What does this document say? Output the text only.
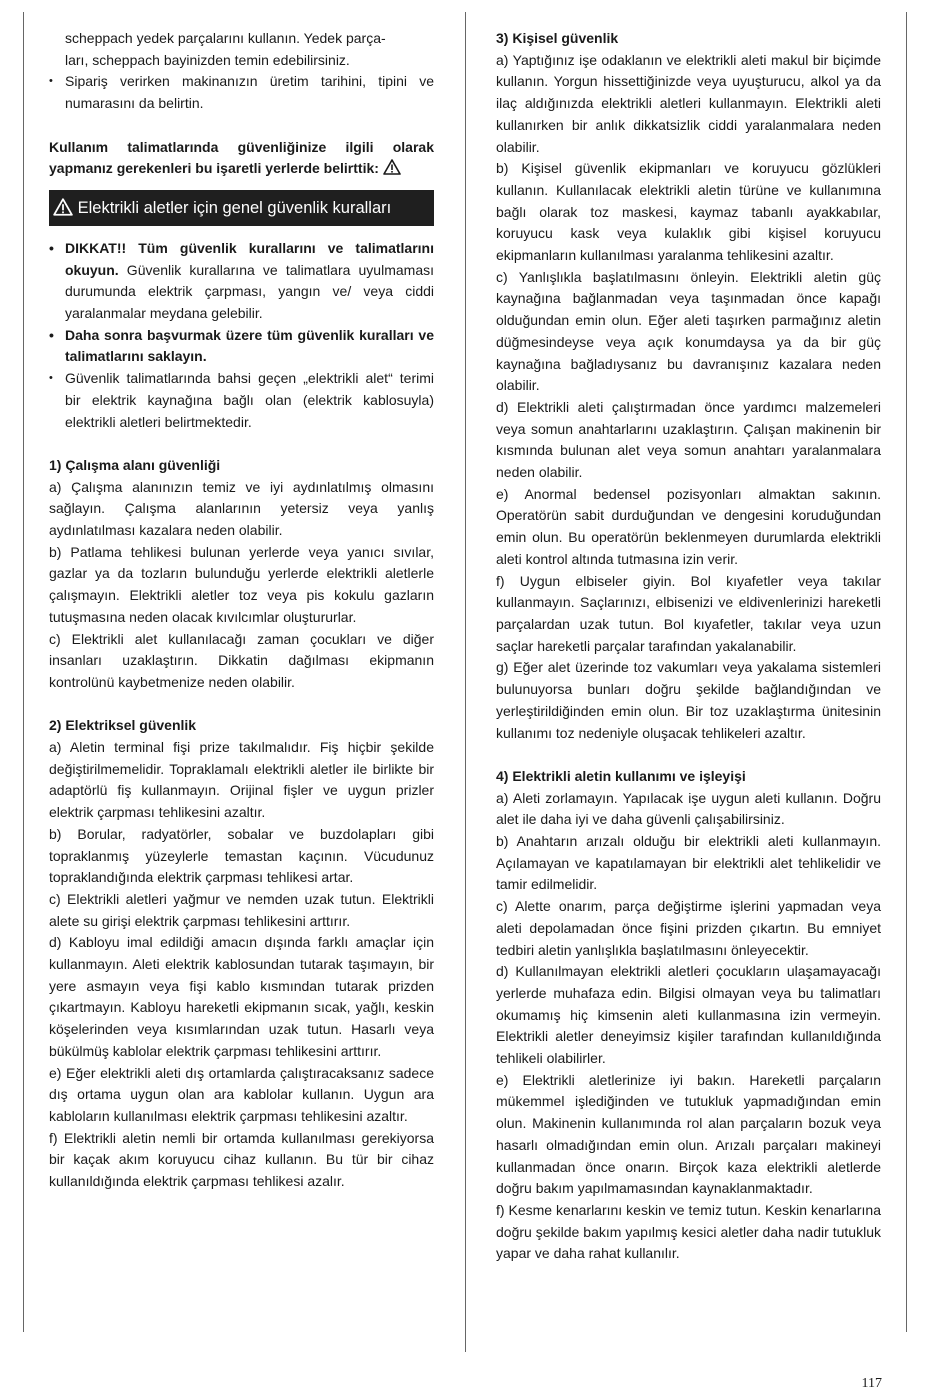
scheppach yedek parçalarını kullanın. Yedek parça-

ları, scheppach bayinizden temin edebilirsiniz.

• Sipariş verirken makinanızın üretim tarihini, tipini ve numarasını da belirtin.

Kullanım talimatlarında güvenliğinize ilgili olarak yapmanız gerekenleri bu işaretli yerlerde belirttik:

Elektrikli aletler için genel güvenlik kuralları

• DIKKAT!! Tüm güvenlik kurallarını ve talimatlarını okuyun. Güvenlik kurallarına ve talimatlara uyulmaması durumunda elektrik çarpması, yangın ve/ veya ciddi yaralanmalar meydana gelebilir.

• Daha sonra başvurmak üzere tüm güvenlik kuralları ve talimatlarını saklayın.

• Güvenlik talimatlarında bahsi geçen „elektrikli alet“ terimi bir elektrik kaynağına bağlı olan (elektrik kablosuyla) elektrikli aletleri belirtmektedir.

1) Çalışma alanı güvenliği

a) Çalışma alanınızın temiz ve iyi aydınlatılmış olmasını sağlayın. Çalışma alanlarının yetersiz veya yanlış aydınlatılması kazalara neden olabilir.

b) Patlama tehlikesi bulunan yerlerde veya yanıcı sıvılar, gazlar ya da tozların bulunduğu yerlerde elektrikli aletlerle çalışmayın. Elektrikli aletler toz veya pis kokulu gazların tutuşmasına neden olacak kıvılcımlar oluştururlar.

c) Elektrikli alet kullanılacağı zaman çocukları ve diğer insanları uzaklaştırın. Dikkatin dağılması ekipmanın kontrolünü kaybetmenize neden olabilir.

2) Elektriksel güvenlik

a) Aletin terminal fişi prize takılmalıdır. Fiş hiçbir şekilde değiştirilmemelidir. Topraklamalı elektrikli aletler ile birlikte bir adaptörlü fiş kullanmayın. Orijinal fişler ve uygun prizler elektrik çarpması tehlikesini azaltır.

b) Borular, radyatörler, sobalar ve buzdolapları gibi topraklanmış yüzeylerle temastan kaçının. Vücudunuz topraklandığında elektrik çarpması tehlikesi artar.

c) Elektrikli aletleri yağmur ve nemden uzak tutun. Elektrikli alete su girişi elektrik çarpması tehlikesini arttırır.

d) Kabloyu imal edildiği amacın dışında farklı amaçlar için kullanmayın. Aleti elektrik kablosundan tutarak taşımayın, bir yere asmayın veya fişi kablo kısmından tutarak prizden çıkartmayın. Kabloyu hareketli ekipmanın sıcak, yağlı, keskin köşelerinden veya kısımlarından uzak tutun. Hasarlı veya bükülmüş kablolar elektrik çarpması tehlikesini arttırır.

e) Eğer elektrikli aleti dış ortamlarda çalıştıracaksanız sadece dış ortama uygun olan ara kablolar kullanın. Uygun ara kabloların kullanılması elektrik çarpması tehlikesini azaltır.

f) Elektrikli aletin nemli bir ortamda kullanılması gerekiyorsa bir kaçak akım koruyucu cihaz kullanın. Bu tür bir cihaz kullanıldığında elektrik çarpması tehlikesi azalır.

3) Kişisel güvenlik

a) Yaptığınız işe odaklanın ve elektrikli aleti makul bir biçimde kullanın. Yorgun hissettiğinizde veya uyuşturucu, alkol ya da ilaç aldığınızda elektrikli aletleri kullanmayın. Elektrikli aleti kullanırken bir anlık dikkatsizlik ciddi yaralanmalara neden olabilir.

b) Kişisel güvenlik ekipmanları ve koruyucu gözlükleri kullanın. Kullanılacak elektrikli aletin türüne ve kullanımına bağlı olarak toz maskesi, kaymaz tabanlı ayakkabılar, koruyucu kask veya kulaklık gibi kişisel koruyucu ekipmanların kullanılması yaralanma tehlikesini azaltır.

c) Yanlışlıkla başlatılmasını önleyin. Elektrikli aletin güç kaynağına bağlanmadan veya taşınmadan önce kapağı olduğundan emin olun. Eğer aleti taşırken parmağınız aletin düğmesindeyse veya açık konumdaysa ya da bir güç kaynağına bağladıysanız bu davranışınız kazalara neden olabilir.

d) Elektrikli aleti çalıştırmadan önce yardımcı malzemeleri veya somun anahtarlarını uzaklaştırın. Çalışan makinenin bir kısmında bulunan alet veya somun anahtarı yaralanmalara neden olabilir.

e) Anormal bedensel pozisyonları almaktan sakının. Operatörün sabit durduğundan ve dengesini koruduğundan emin olun. Bu operatörün beklenmeyen durumlarda elektrikli aleti kontrol altında tutmasına izin verir.

f) Uygun elbiseler giyin. Bol kıyafetler veya takılar kullanmayın. Saçlarınızı, elbisenizi ve eldivenlerinizi hareketli parçalardan uzak tutun. Bol kıyafetler, takılar veya uzun saçlar hareketli parçalar tarafından yakalanabilir.

g) Eğer alet üzerinde toz vakumları veya yakalama sistemleri bulunuyorsa bunları doğru şekilde bağlandığından ve yerleştirildiğinden emin olun. Bir toz uzaklaştırma ünitesinin kullanımı toz nedeniyle oluşacak tehlikeleri azaltır.

4) Elektrikli aletin kullanımı ve işleyişi

a) Aleti zorlamayın. Yapılacak işe uygun aleti kullanın. Doğru alet ile daha iyi ve daha güvenli çalışabilirsiniz.

b) Anahtarın arızalı olduğu bir elektrikli aleti kullanmayın. Açılamayan ve kapatılamayan bir elektrikli alet tehlikelidir ve tamir edilmelidir.

c) Alette onarım, parça değiştirme işlerini yapmadan veya aleti depolamadan önce fişini prizden çıkartın. Bu emniyet tedbiri aletin yanlışlıkla başlatılmasını önleyecektir.

d) Kullanılmayan elektrikli aletleri çocukların ulaşamayacağı yerlerde muhafaza edin. Bilgisi olmayan veya bu talimatları okumamış hiç kimsenin aleti kullanmasına izin vermeyin. Elektrikli aletler deneyimsiz kişiler tarafından kullanıldığında tehlikeli olabilirler.

e) Elektrikli aletlerinize iyi bakın. Hareketli parçaların mükemmel işlediğinden ve tutukluk yapmadığından emin olun. Makinenin kullanımında rol alan parçaların bozuk veya hasarlı olmadığından emin olun. Arızalı parçaları makineyi kullanmadan önce onarın. Birçok kaza elektrikli aletlerde doğru bakım yapılmamasından kaynaklanmaktadır.

f) Kesme kenarlarını keskin ve temiz tutun. Keskin kenarlarına doğru şekilde bakım yapılmış kesici aletler daha nadir tutukluk yapar ve daha rahat kullanılır.

117
